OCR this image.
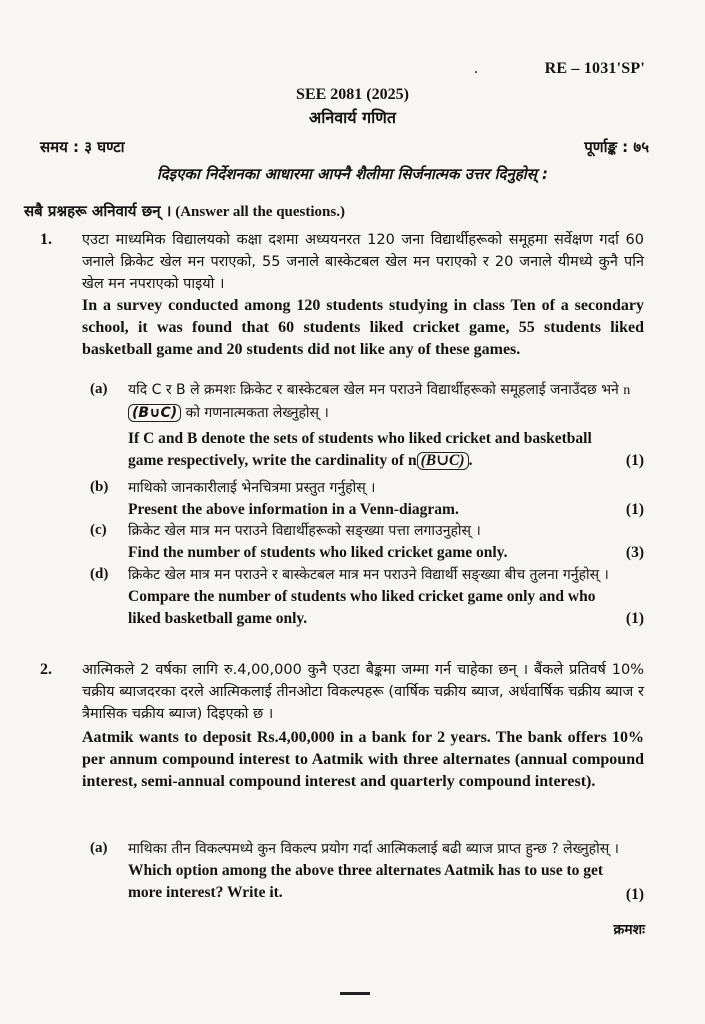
.	RE – 1031'SP'
SEE 2081 (2025)
अनिवार्य गणित
समय : ३ घण्टा	पूर्णाङ्क : ७५
दिइएका निर्देशनका आधारमा आफ्नै शैलीमा सिर्जनात्मक उत्तर दिनुहोस् :
सबै प्रश्नहरू अनिवार्य छन् । (Answer all the questions.)
1. एउटा माध्यमिक विद्यालयको कक्षा दशमा अध्ययनरत 120 जना विद्यार्थीहरूको समूहमा सर्वेक्षण गर्दा 60 जनाले क्रिकेट खेल मन पराएको, 55 जनाले बास्केटबल खेल मन पराएको र 20 जनाले यीमध्ये कुनै पनि खेल मन नपराएको पाइयो ।
In a survey conducted among 120 students studying in class Ten of a secondary school, it was found that 60 students liked cricket game, 55 students liked basketball game and 20 students did not like any of these games.
(a) यदि C र B ले क्रमशः क्रिकेट र बास्केटबल खेल मन पराउने विद्यार्थीहरूको समूहलाई जनाउँदछ भने n(B∪C) को गणनात्मकता लेख्नुहोस् ।
If C and B denote the sets of students who liked cricket and basketball game respectively, write the cardinality of n (B∪C) .	(1)
(b) माथिको जानकारीलाई भेनचित्रमा प्रस्तुत गर्नुहोस् ।
Present the above information in a Venn-diagram.	(1)
(c) क्रिकेट खेल मात्र मन पराउने विद्यार्थीहरूको सङ्ख्या पत्ता लगाउनुहोस् ।
Find the number of students who liked cricket game only.	(3)
(d) क्रिकेट खेल मात्र मन पराउने र बास्केटबल मात्र मन पराउने विद्यार्थी सङ्ख्या बीच तुलना गर्नुहोस् ।
Compare the number of students who liked cricket game only and who liked basketball game only.	(1)
2. आत्मिकले 2 वर्षका लागि रु.4,00,000 कुनै एउटा बैङ्कमा जम्मा गर्न चाहेका छन् । बैंकले प्रतिवर्ष 10% चक्रीय ब्याजदरका दरले आत्मिकलाई तीनओटा विकल्पहरू (वार्षिक चक्रीय ब्याज, अर्धवार्षिक चक्रीय ब्याज र त्रैमासिक चक्रीय ब्याज) दिइएको छ ।
Aatmik wants to deposit Rs.4,00,000 in a bank for 2 years. The bank offers 10% per annum compound interest to Aatmik with three alternates (annual compound interest, semi-annual compound interest and quarterly compound interest).
(a) माथिका तीन विकल्पमध्ये कुन विकल्प प्रयोग गर्दा आत्मिकलाई बढी ब्याज प्राप्त हुन्छ ? लेख्नुहोस् ।
Which option among the above three alternates Aatmik has to use to get more interest? Write it.	(1)
क्रमशः
